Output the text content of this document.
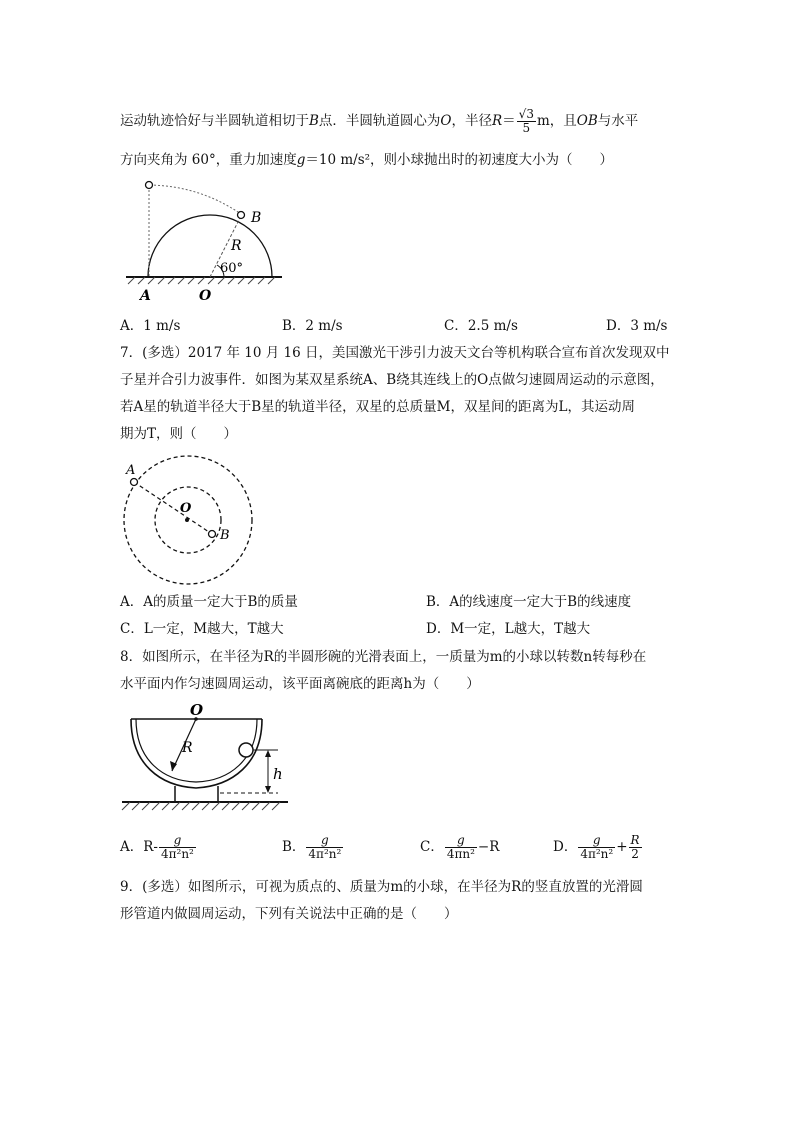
运动轨迹恰好与半圆轨道相切于B点．半圆轨道圆心为O，半径$R= \frac{√3}{5}$ m，且OB与水平
方向夹角为 60°，重力加速度g＝10 m/s²，则小球抛出时的初速度大小为（　　）
B
R
60°
A	O
A．1 m/s	B．2 m/s	C．2.5 m/s	D．3 m/s
7．(多选）2017 年 10 月 16 日，美国激光干涉引力波天文台等机构联合宣布首次发现双中
子星并合引力波事件．如图为某双星系统A、B绕其连线上的O点做匀速圆周运动的示意图，
若A星的轨道半径大于B星的轨道半径，双星的总质量M，双星间的距离为L，其运动周
期为T，则（　　）
A
O
B
A．A的质量一定大于B的质量	B．A的线速度一定大于B的线速度
C．L一定，M越大，T越大	D．M一定，L越大，T越大
8．如图所示，在半径为R的半圆形碗的光滑表面上，一质量为m的小球以转数n转每秒在
水平面内作匀速圆周运动，该平面离碗底的距离h为（　　）
O
R
h
A．$R- \frac{g}{\text{4π²n²}}$	B． $\frac{g}{\text{4π²n²}}$	C． $\frac{g}{\text{4πn²}} -R$	D． $\frac{g}{\text{4π²n²}} + \frac{R}{2}$
9．(多选）如图所示，可视为质点的、质量为m的小球，在半径为R的竖直放置的光滑圆
形管道内做圆周运动，下列有关说法中正确的是（　　）
